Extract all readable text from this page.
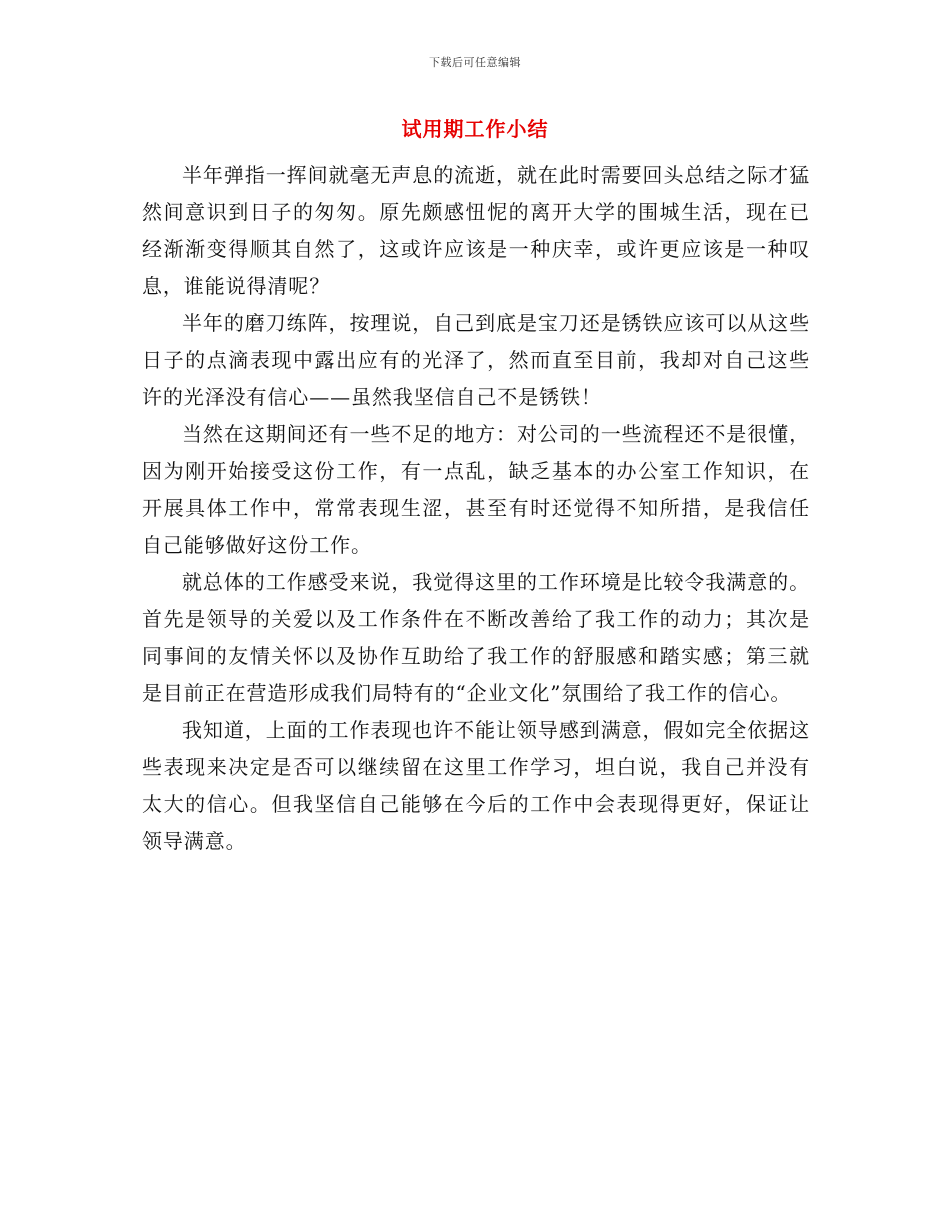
下载后可任意编辑
试用期工作小结

半年弹指一挥间就毫无声息的流逝，就在此时需要回头总结之际才猛然间意识到日子的匆匆。原先颇感忸怩的离开大学的围城生活，现在已经渐渐变得顺其自然了，这或许应该是一种庆幸，或许更应该是一种叹息，谁能说得清呢？

半年的磨刀练阵，按理说，自己到底是宝刀还是锈铁应该可以从这些日子的点滴表现中露出应有的光泽了，然而直至目前，我却对自己这些许的光泽没有信心——虽然我坚信自己不是锈铁！

当然在这期间还有一些不足的地方：对公司的一些流程还不是很懂，因为刚开始接受这份工作，有一点乱，缺乏基本的办公室工作知识，在开展具体工作中，常常表现生涩，甚至有时还觉得不知所措，是我信任自己能够做好这份工作。

就总体的工作感受来说，我觉得这里的工作环境是比较令我满意的。首先是领导的关爱以及工作条件在不断改善给了我工作的动力；其次是同事间的友情关怀以及协作互助给了我工作的舒服感和踏实感；第三就是目前正在营造形成我们局特有的“企业文化”氛围给了我工作的信心。

我知道，上面的工作表现也许不能让领导感到满意，假如完全依据这些表现来决定是否可以继续留在这里工作学习，坦白说，我自己并没有太大的信心。但我坚信自己能够在今后的工作中会表现得更好，保证让领导满意。
